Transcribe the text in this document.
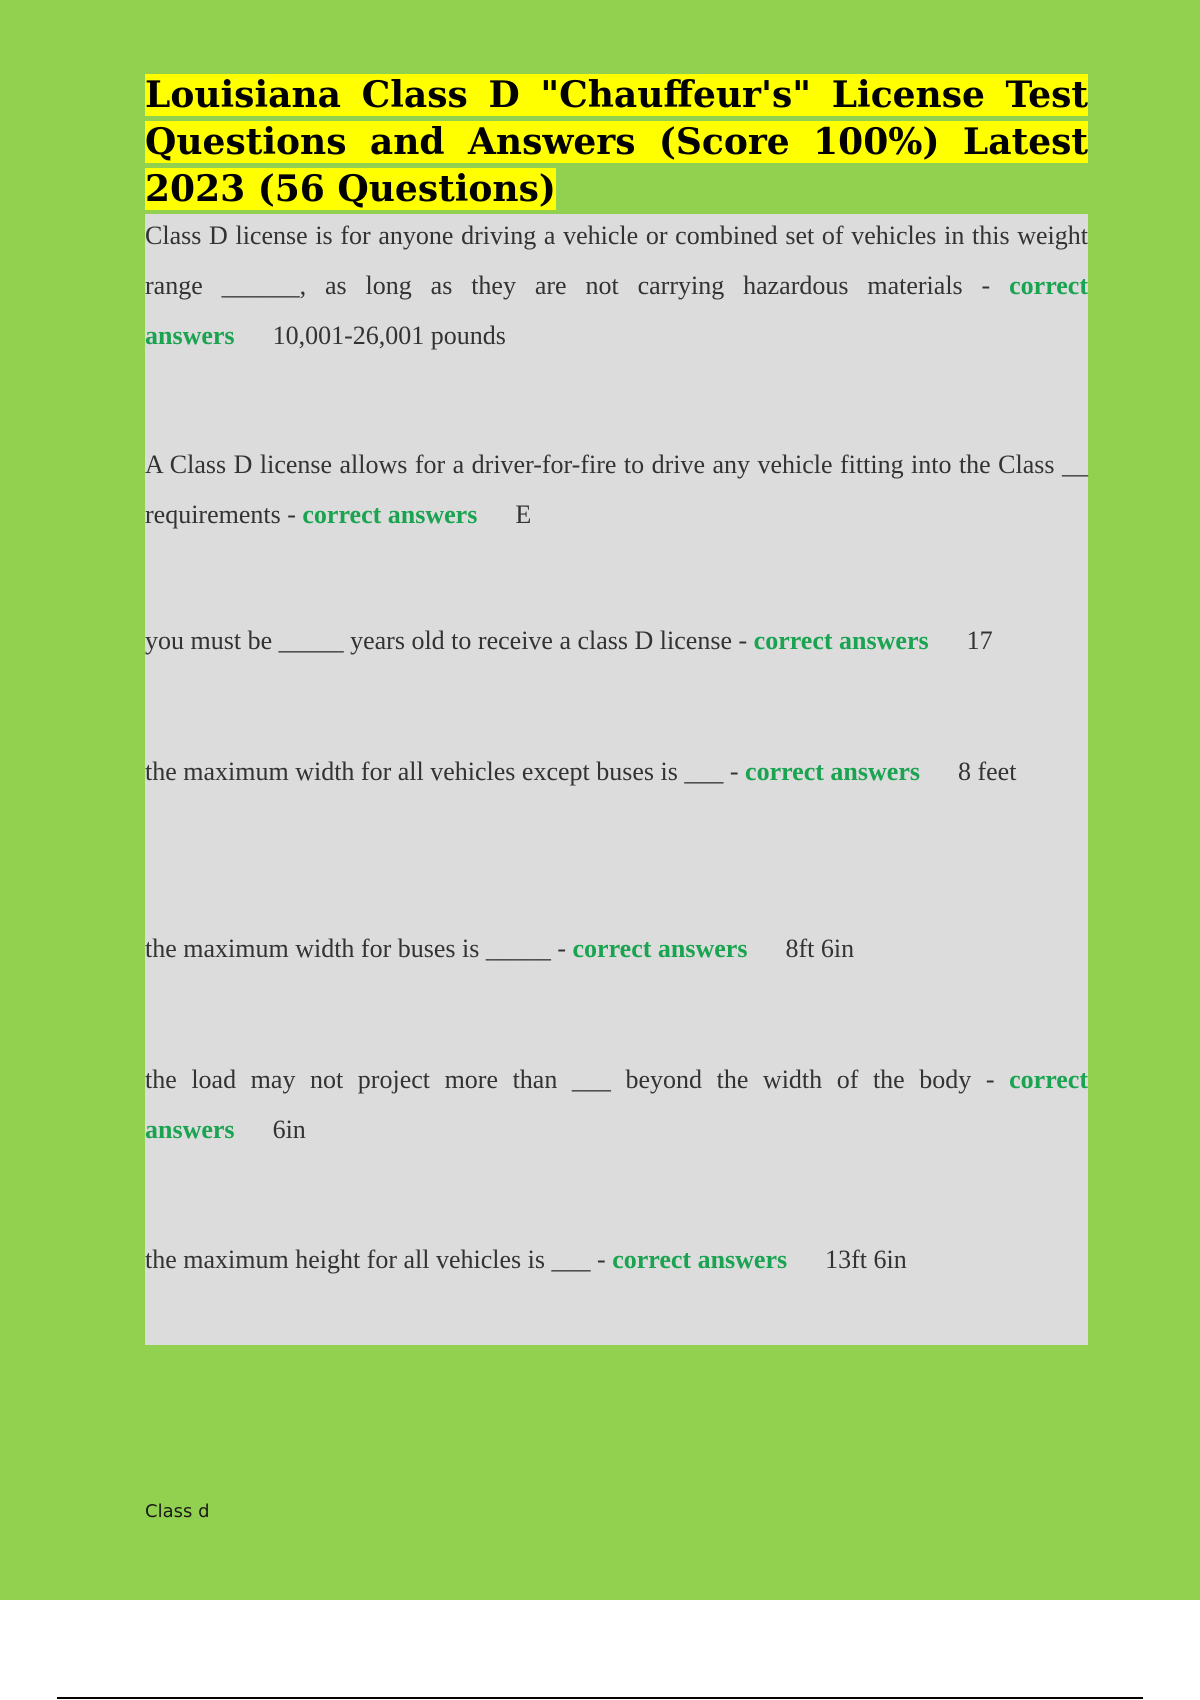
Louisiana Class D "Chauffeur's" License Test Questions and Answers (Score 100%) Latest 2023 (56 Questions)

Class D license is for anyone driving a vehicle or combined set of vehicles in this weight range ______, as long as they are not carrying hazardous materials - correct answers 10,001-26,001 pounds

A Class D license allows for a driver-for-fire to drive any vehicle fitting into the Class __ requirements - correct answers E

you must be _____ years old to receive a class D license - correct answers 17

the maximum width for all vehicles except buses is ___ - correct answers 8 feet

the maximum width for buses is _____ - correct answers 8ft 6in

the load may not project more than ___ beyond the width of the body - correct answers 6in

the maximum height for all vehicles is ___ - correct answers 13ft 6in

Class d
